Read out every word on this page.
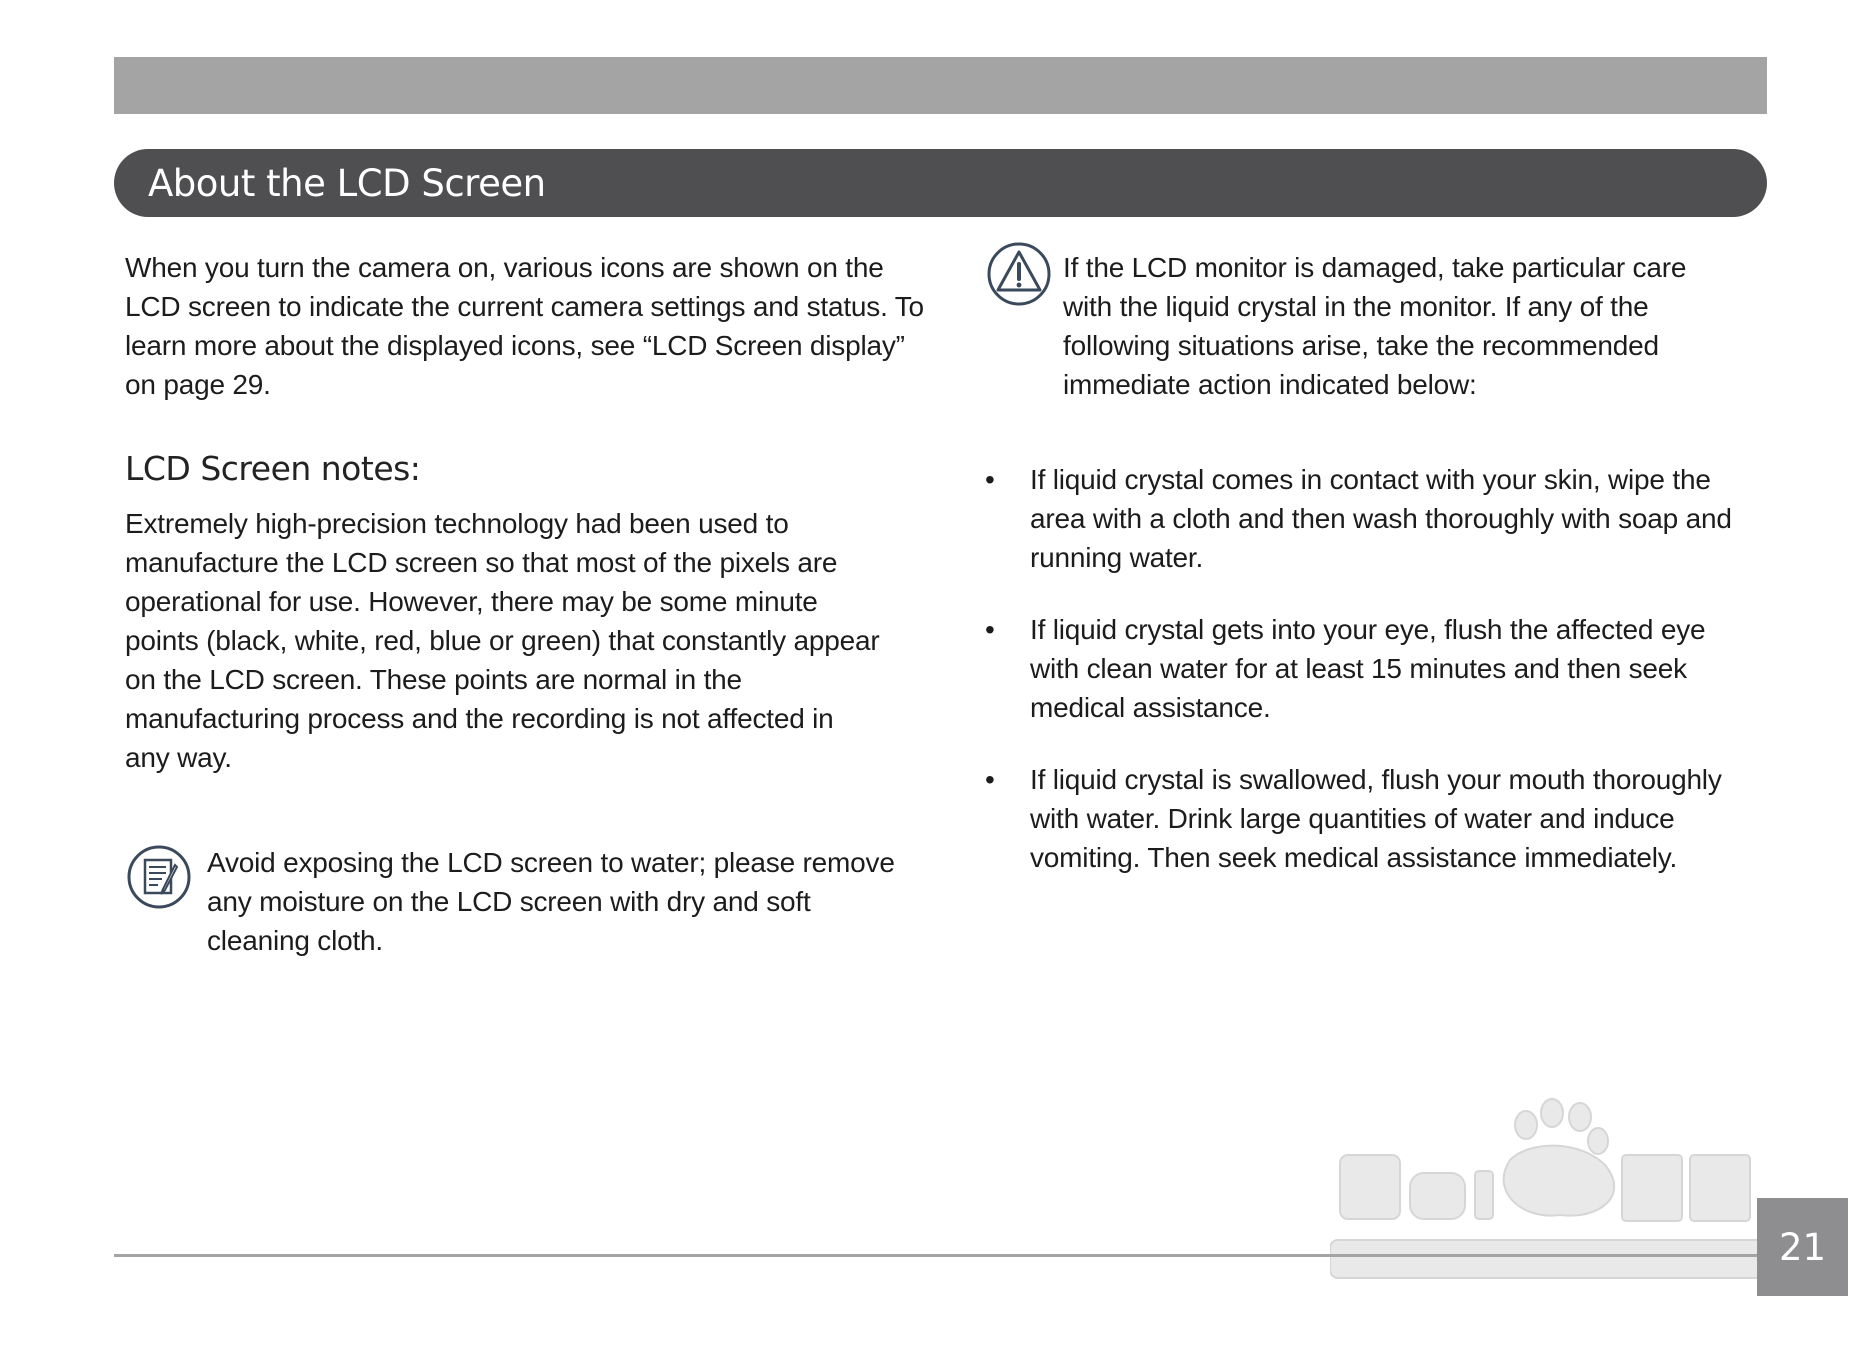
About the LCD Screen

When you turn the camera on, various icons are shown on the LCD screen to indicate the current camera settings and status. To learn more about the displayed icons, see “LCD Screen display” on page 29.

LCD Screen notes:

Extremely high-precision technology had been used to manufacture the LCD screen so that most of the pixels are operational for use. However, there may be some minute points (black, white, red, blue or green) that constantly appear on the LCD screen. These points are normal in the manufacturing process and the recording is not affected in any way.

Avoid exposing the LCD screen to water; please remove any moisture on the LCD screen with dry and soft cleaning cloth.

If the LCD monitor is damaged, take particular care with the liquid crystal in the monitor. If any of the following situations arise, take the recommended immediate action indicated below:

•	If liquid crystal comes in contact with your skin, wipe the area with a cloth and then wash thoroughly with soap and running water.

•	If liquid crystal gets into your eye, flush the affected eye with clean water for at least 15 minutes and then seek medical assistance.

•	If liquid crystal is swallowed, flush your mouth thoroughly with water. Drink large quantities of water and induce vomiting. Then seek medical assistance immediately.

21
